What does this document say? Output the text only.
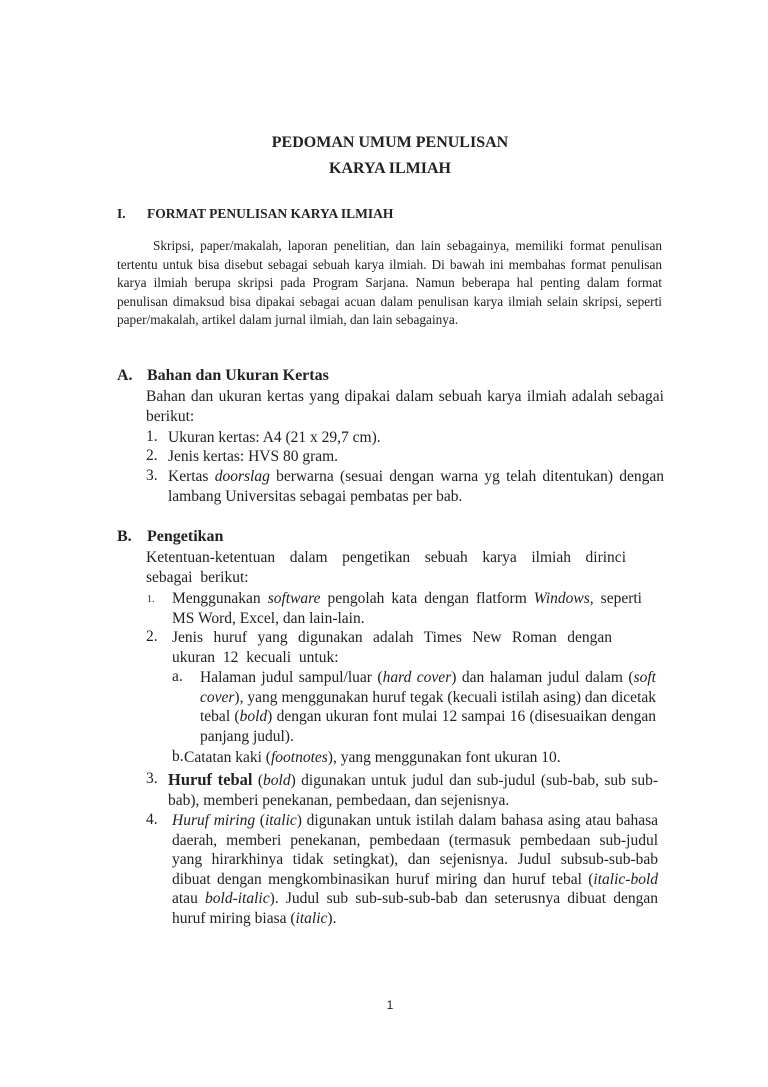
PEDOMAN UMUM PENULISAN
KARYA ILMIAH
I. FORMAT PENULISAN KARYA ILMIAH
Skripsi, paper/makalah, laporan penelitian, dan lain sebagainya, memiliki format penulisan tertentu untuk bisa disebut sebagai sebuah karya ilmiah. Di bawah ini membahas format penulisan karya ilmiah berupa skripsi pada Program Sarjana. Namun beberapa hal penting dalam format penulisan dimaksud bisa dipakai sebagai acuan dalam penulisan karya ilmiah selain skripsi, seperti paper/makalah, artikel dalam jurnal ilmiah, dan lain sebagainya.
A. Bahan dan Ukuran Kertas
Bahan dan ukuran kertas yang dipakai dalam sebuah karya ilmiah adalah sebagai berikut:
1. Ukuran kertas: A4 (21 x 29,7 cm).
2. Jenis kertas: HVS 80 gram.
3. Kertas doorslag berwarna (sesuai dengan warna yg telah ditentukan) dengan lambang Universitas sebagai pembatas per bab.
B. Pengetikan
Ketentuan-ketentuan dalam pengetikan sebuah karya ilmiah dirinci sebagai berikut:
1. Menggunakan software pengolah kata dengan flatform Windows, seperti MS Word, Excel, dan lain-lain.
2. Jenis huruf yang digunakan adalah Times New Roman dengan ukuran 12 kecuali untuk:
a. Halaman judul sampul/luar (hard cover) dan halaman judul dalam (soft cover), yang menggunakan huruf tegak (kecuali istilah asing) dan dicetak tebal (bold) dengan ukuran font mulai 12 sampai 16 (disesuaikan dengan panjang judul).
b. Catatan kaki (footnotes), yang menggunakan font ukuran 10.
3. Huruf tebal (bold) digunakan untuk judul dan sub-judul (sub-bab, sub sub-bab), memberi penekanan, pembedaan, dan sejenisnya.
4. Huruf miring (italic) digunakan untuk istilah dalam bahasa asing atau bahasa daerah, memberi penekanan, pembedaan (termasuk pembedaan sub-judul yang hirarkhinya tidak setingkat), dan sejenisnya. Judul subsub-sub-bab dibuat dengan mengkombinasikan huruf miring dan huruf tebal (italic-bold atau bold-italic). Judul sub sub-sub-sub-bab dan seterusnya dibuat dengan huruf miring biasa (italic).
1
